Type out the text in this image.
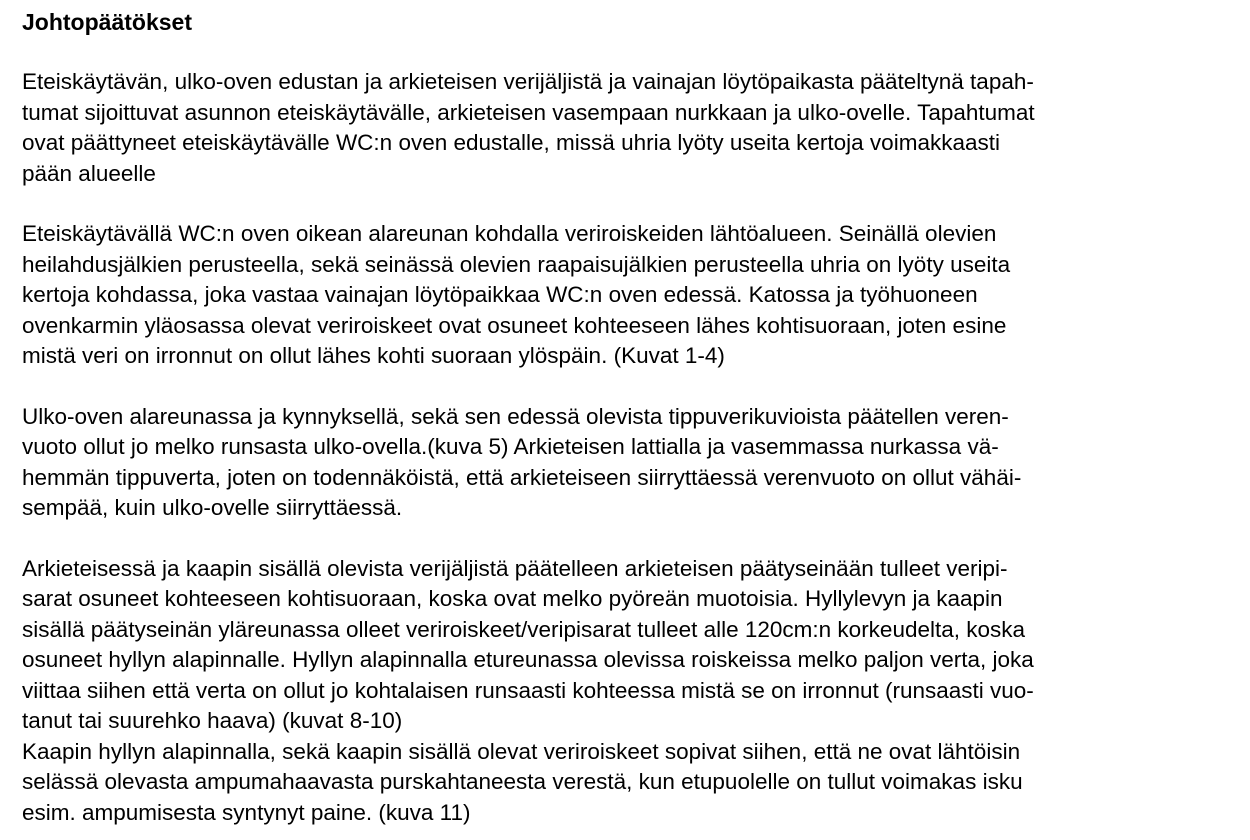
Johtopäätökset
Eteiskäytävän, ulko-oven edustan ja arkieteisen verijäljistä ja vainajan löytöpaikasta pääteltynä tapah-
tumat sijoittuvat asunnon eteiskäytävälle, arkieteisen vasempaan nurkkaan ja ulko-ovelle. Tapahtumat
ovat päättyneet eteiskäytävälle WC:n oven edustalle, missä uhria lyöty useita kertoja voimakkaasti
pään alueelle
Eteiskäytävällä WC:n oven oikean alareunan kohdalla veriroiskeiden lähtöalueen. Seinällä olevien
heilahdusjälkien perusteella, sekä seinässä olevien raapaisujälkien perusteella uhria on lyöty useita
kertoja kohdassa, joka vastaa vainajan löytöpaikkaa WC:n oven edessä. Katossa ja työhuoneen
ovenkarmin yläosassa olevat veriroiskeet ovat osuneet kohteeseen lähes kohtisuoraan, joten esine
mistä veri on irronnut on ollut lähes kohti suoraan ylöspäin. (Kuvat 1-4)
Ulko-oven alareunassa ja kynnyksellä, sekä sen edessä olevista tippuverikuvioista päätellen veren-
vuoto ollut jo melko runsasta ulko-ovella.(kuva 5) Arkieteisen lattialla ja vasemmassa nurkassa vä-
hemmän tippuverta, joten on todennäköistä, että arkieteiseen siirryttäessä verenvuoto on ollut vähäi-
sempää, kuin ulko-ovelle siirryttäessä.
Arkieteisessä ja kaapin sisällä olevista verijäljistä päätelleen arkieteisen päätyseinään tulleet veripi-
sarat osuneet kohteeseen kohtisuoraan, koska ovat melko pyöreän muotoisia. Hyllylevyn ja kaapin
sisällä päätyseinän yläreunassa olleet veriroiskeet/veripisarat tulleet alle 120cm:n korkeudelta, koska
osuneet hyllyn alapinnalle. Hyllyn alapinnalla etureunassa olevissa roiskeissa melko paljon verta, joka
viittaa siihen että verta on ollut jo kohtalaisen runsaasti kohteessa mistä se on irronnut (runsaasti vuo-
tanut tai suurehko haava) (kuvat 8-10)
Kaapin hyllyn alapinnalla, sekä kaapin sisällä olevat veriroiskeet sopivat siihen, että ne ovat lähtöisin
selässä olevasta ampumahaavasta purskahtaneesta verestä, kun etupuolelle on tullut voimakas isku
esim. ampumisesta syntynyt paine. (kuva 11)
